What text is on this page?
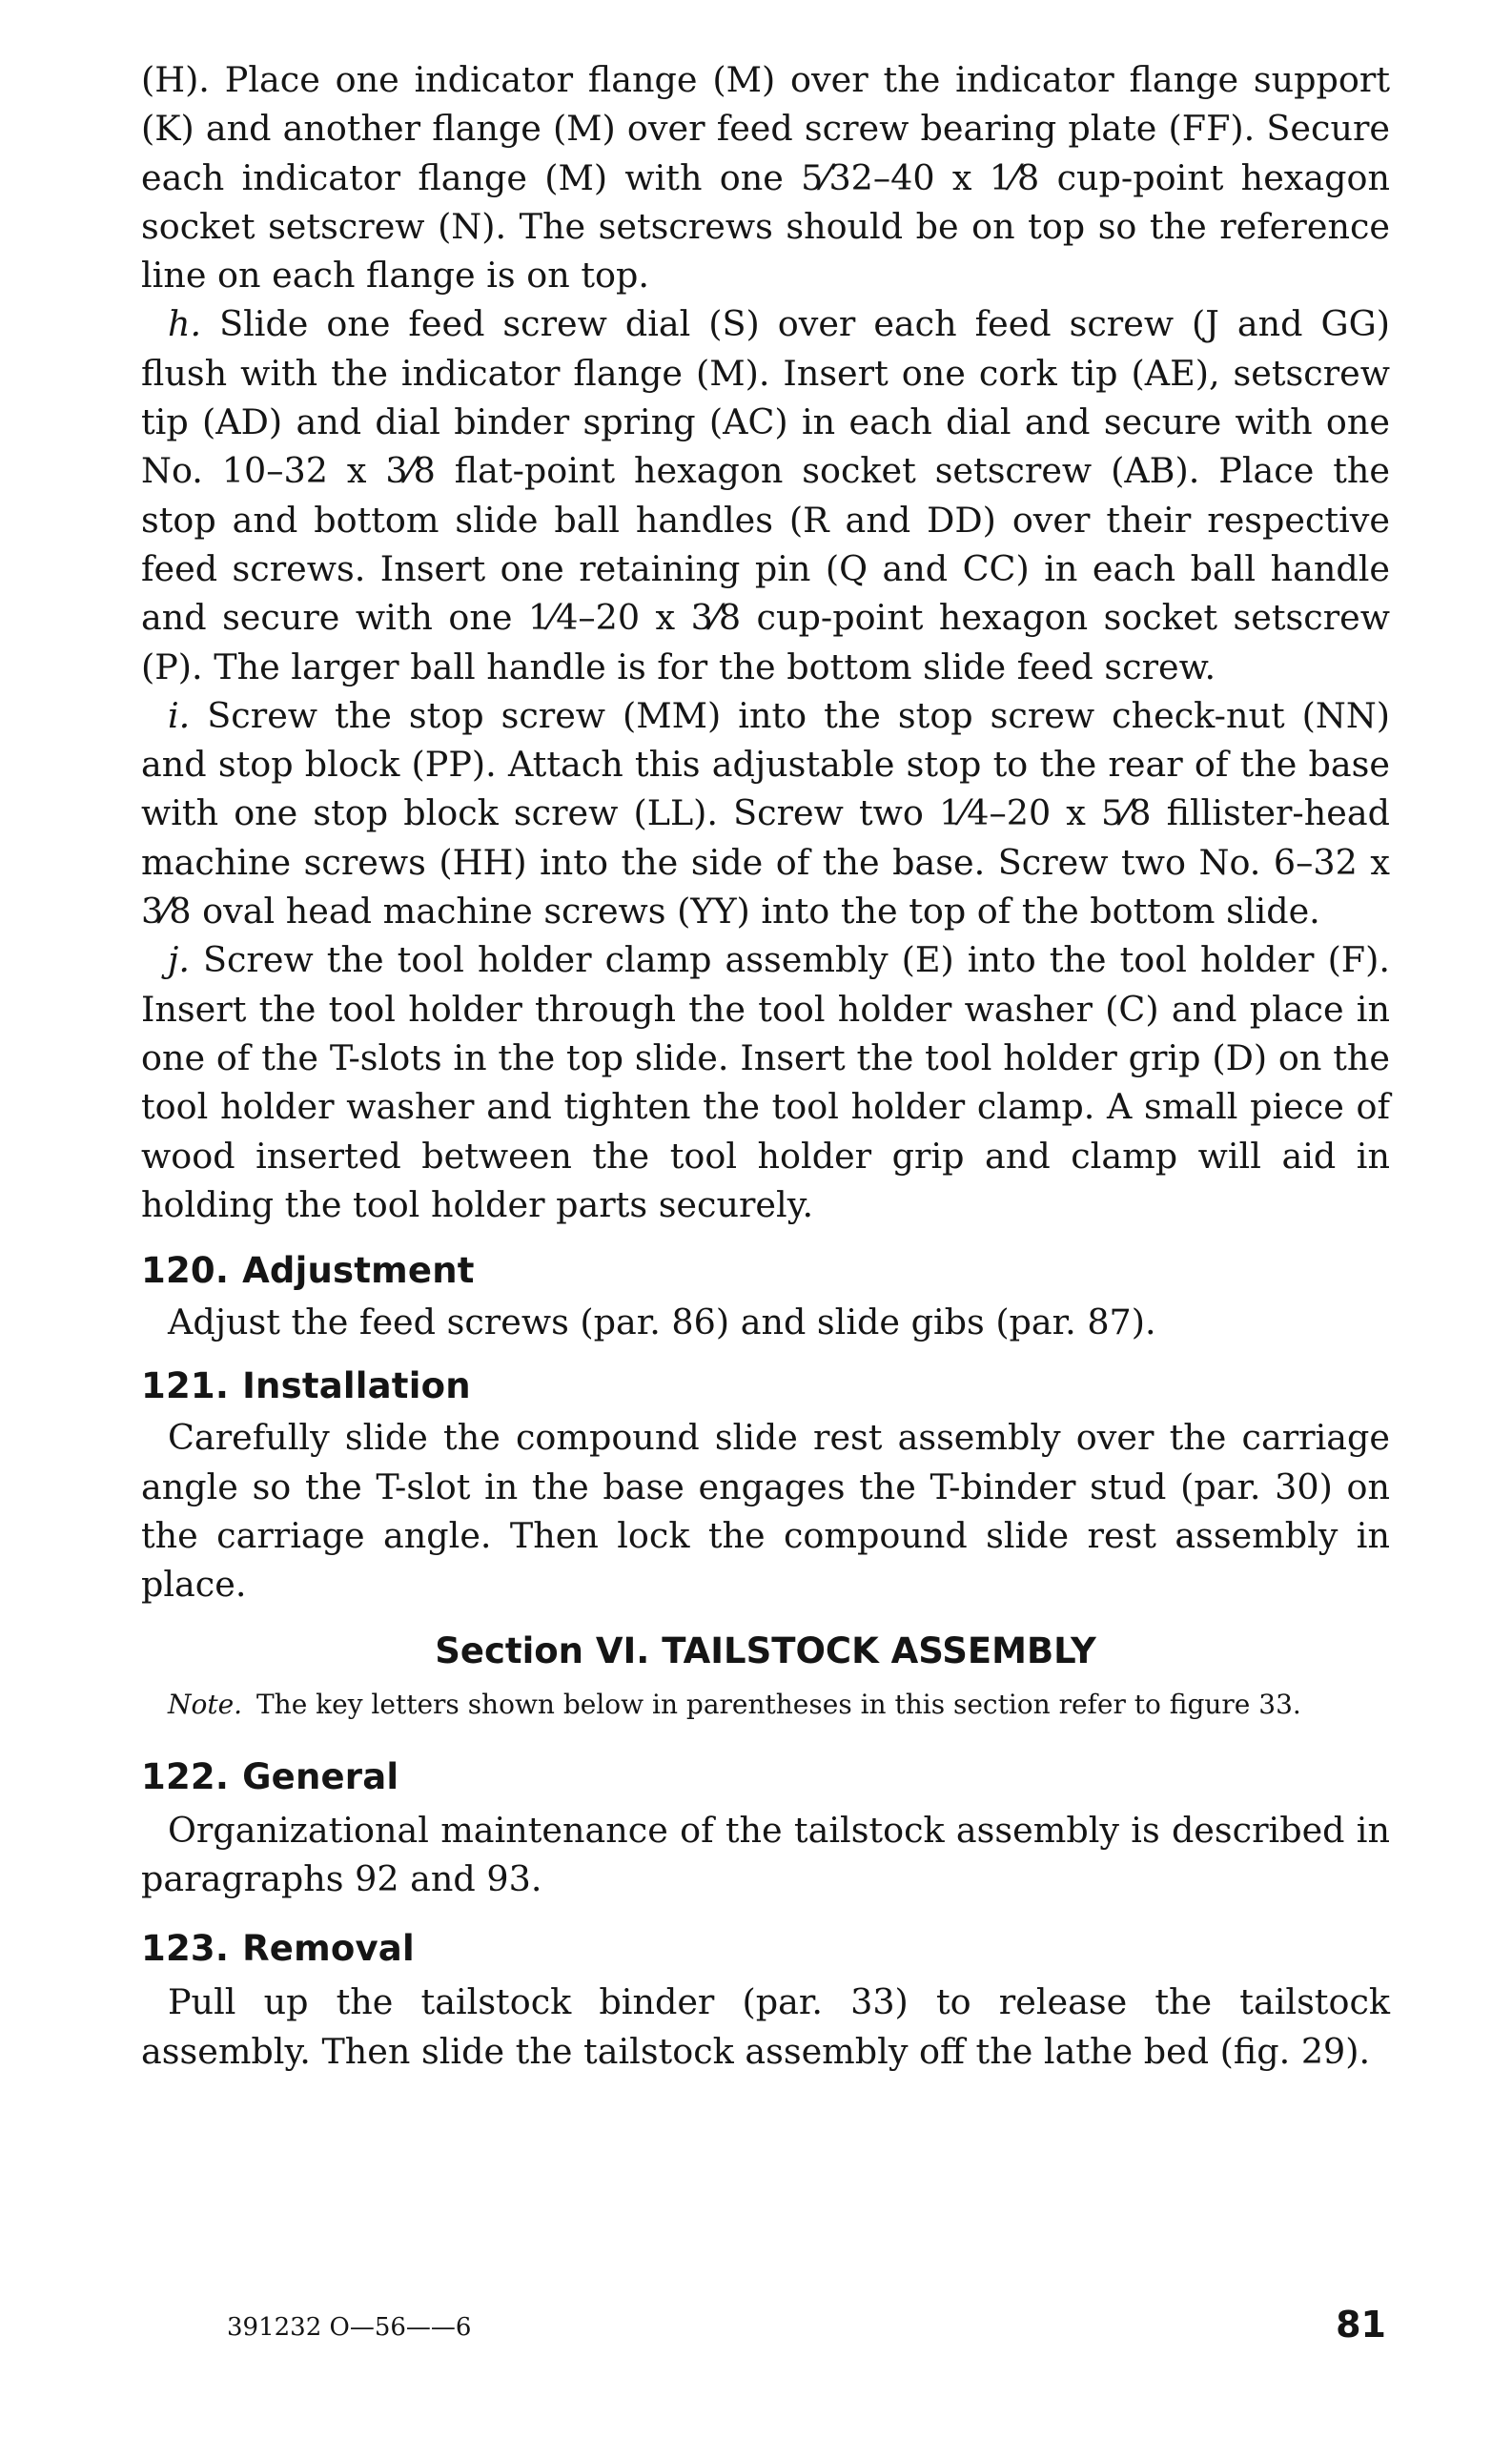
(H). Place one indicator flange (M) over the indicator flange support (K) and another flange (M) over feed screw bearing plate (FF). Secure each indicator flange (M) with one 5⁄32–40 x 1⁄8 cup-point hexagon socket setscrew (N). The setscrews should be on top so the reference line on each flange is on top.

h. Slide one feed screw dial (S) over each feed screw (J and GG) flush with the indicator flange (M). Insert one cork tip (AE), setscrew tip (AD) and dial binder spring (AC) in each dial and secure with one No. 10–32 x 3⁄8 flat-point hexagon socket setscrew (AB). Place the stop and bottom slide ball handles (R and DD) over their respective feed screws. Insert one retaining pin (Q and CC) in each ball handle and secure with one 1⁄4–20 x 3⁄8 cup-point hexagon socket setscrew (P). The larger ball handle is for the bottom slide feed screw.

i. Screw the stop screw (MM) into the stop screw check-nut (NN) and stop block (PP). Attach this adjustable stop to the rear of the base with one stop block screw (LL). Screw two 1⁄4–20 x 5⁄8 fillister-head machine screws (HH) into the side of the base. Screw two No. 6–32 x 3⁄8 oval head machine screws (YY) into the top of the bottom slide.

j. Screw the tool holder clamp assembly (E) into the tool holder (F). Insert the tool holder through the tool holder washer (C) and place in one of the T-slots in the top slide. Insert the tool holder grip (D) on the tool holder washer and tighten the tool holder clamp. A small piece of wood inserted between the tool holder grip and clamp will aid in holding the tool holder parts securely.

120. Adjustment

Adjust the feed screws (par. 86) and slide gibs (par. 87).

121. Installation

Carefully slide the compound slide rest assembly over the carriage angle so the T-slot in the base engages the T-binder stud (par. 30) on the carriage angle. Then lock the compound slide rest assembly in place.

Section VI. TAILSTOCK ASSEMBLY

Note. The key letters shown below in parentheses in this section refer to figure 33.

122. General

Organizational maintenance of the tailstock assembly is described in paragraphs 92 and 93.

123. Removal

Pull up the tailstock binder (par. 33) to release the tailstock assembly. Then slide the tailstock assembly off the lathe bed (fig. 29).

391232 O—56——6	81
